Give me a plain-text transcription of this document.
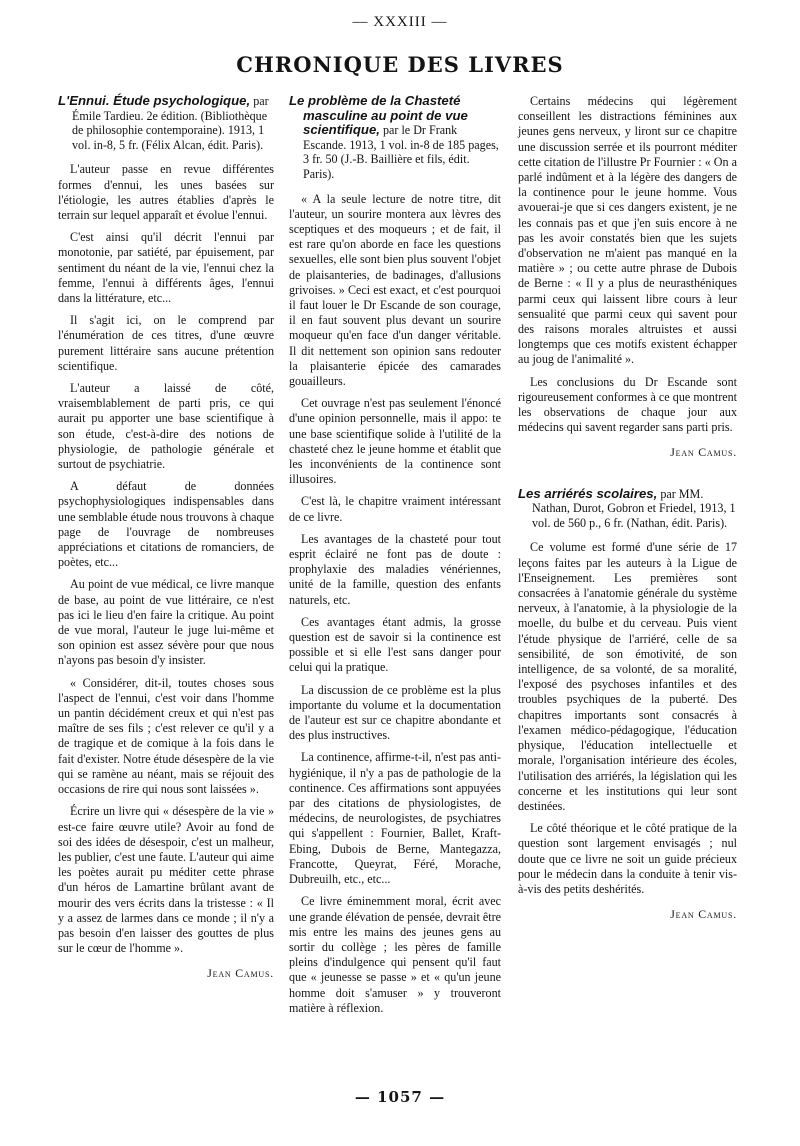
— XXXIII —
CHRONIQUE DES LIVRES
L'Ennui. Étude psychologique, par Émile Tardieu. 2e édition. (Bibliothèque de philosophie contemporaine). 1913, 1 vol. in-8, 5 fr. (Félix Alcan, édit. Paris).

L'auteur passe en revue différentes formes d'ennui, les unes basées sur l'étiologie, les autres établies d'après le terrain sur lequel apparaît et évolue l'ennui.

C'est ainsi qu'il décrit l'ennui par monotonie, par satiété, par épuisement, par sentiment du néant de la vie, l'ennui chez la femme, l'ennui à différents âges, l'ennui dans la littérature, etc...

Il s'agit ici, on le comprend par l'énumération de ces titres, d'une œuvre purement littéraire sans aucune prétention scientifique.

L'auteur a laissé de côté, vraisemblablement de parti pris, ce qui aurait pu apporter une base scientifique à son étude, c'est-à-dire des notions de physiologie, de pathologie générale et surtout de psychiatrie.

A défaut de données psychophysiologiques indispensables dans une semblable étude nous trouvons à chaque page de l'ouvrage de nombreuses appréciations et citations de romanciers, de poètes, etc...

Au point de vue médical, ce livre manque de base, au point de vue littéraire, ce n'est pas ici le lieu d'en faire la critique. Au point de vue moral, l'auteur le juge lui-même et son opinion est assez sévère pour que nous n'ayons pas besoin d'y insister.

« Considérer, dit-il, toutes choses sous l'aspect de l'ennui, c'est voir dans l'homme un pantin décidément creux et qui n'est pas maître de ses fils ; c'est relever ce qu'il y a de tragique et de comique à la fois dans le fait d'exister. Notre étude désespère de la vie qui se ramène au néant, mais se réjouit des occasions de rire qui nous sont laissées ».

Écrire un livre qui « désespère de la vie » est-ce faire œuvre utile? Avoir au fond de soi des idées de désespoir, c'est un malheur, les publier, c'est une faute. L'auteur qui aime les poètes aurait pu méditer cette phrase d'un héros de Lamartine brûlant avant de mourir des vers écrits dans la tristesse : « Il y a assez de larmes dans ce monde ; il n'y a pas besoin d'en laisser des gouttes de plus sur le cœur de l'homme ».

Jean Camus.
Le problème de la Chasteté masculine au point de vue scientifique, par le Dr Frank Escande. 1913, 1 vol. in-8 de 185 pages, 3 fr. 50 (J.-B. Baillière et fils, édit. Paris).

« A la seule lecture de notre titre, dit l'auteur, un sourire montera aux lèvres des sceptiques et des moqueurs ; et de fait, il est rare qu'on aborde en face les questions sexuelles, elle sont bien plus souvent l'objet de plaisanteries, de badinages, d'allusions grivoises. » Ceci est exact, et c'est pourquoi il faut louer le Dr Escande de son courage, il en faut souvent plus devant un sourire moqueur qu'en face d'un danger véritable. Il dit nettement son opinion sans redouter la plaisanterie épicée des camarades gouailleurs.

Cet ouvrage n'est pas seulement l'énoncé d'une opinion personnelle, mais il appo: te une base scientifique solide à l'utilité de la chasteté chez le jeune homme et établit que les inconvénients de la continence sont illusoires.

C'est là, le chapitre vraiment intéressant de ce livre.

Les avantages de la chasteté pour tout esprit éclairé ne font pas de doute : prophylaxie des maladies vénériennes, unité de la famille, question des enfants naturels, etc.

Ces avantages étant admis, la grosse question est de savoir si la continence est possible et si elle l'est sans danger pour celui qui la pratique.

La discussion de ce problème est la plus importante du volume et la documentation de l'auteur est sur ce chapitre abondante et des plus instructives.

La continence, affirme-t-il, n'est pas anti-hygiénique, il n'y a pas de pathologie de la continence. Ces affirmations sont appuyées par des citations de physiologistes, de médecins, de neurologistes, de psychiatres qui s'appellent : Fournier, Ballet, Kraft-Ebing, Dubois de Berne, Mantegazza, Francotte, Queyrat, Féré, Morache, Dubreuilh, etc., etc...

Ce livre éminemment moral, écrit avec une grande élévation de pensée, devrait être mis entre les mains des jeunes gens au sortir du collège ; les pères de famille pleins d'indulgence qui pensent qu'il faut que « jeunesse se passe » et « qu'un jeune homme doit s'amuser » y trouveront matière à réflexion.

Certains médecins qui légèrement conseillent les distractions féminines aux jeunes gens nerveux, y liront sur ce chapitre une discussion serrée et ils pourront méditer cette citation de l'illustre Pr Fournier : « On a parlé indûment et à la légère des dangers de la continence pour le jeune homme. Vous avouerai-je que si ces dangers existent, je ne les connais pas et que j'en suis encore à ne pas les avoir constatés bien que les sujets d'observation ne m'aient pas manqué en la matière » ; ou cette autre phrase de Dubois de Berne : « Il y a plus de neurasthéniques parmi ceux qui laissent libre cours à leur sensualité que parmi ceux qui savent pour des raisons morales altruistes et aussi longtemps que ces motifs existent échapper au joug de l'animalité ».

Les conclusions du Dr Escande sont rigoureusement conformes à ce que montrent les observations de chaque jour aux médecins qui savent regarder sans parti pris.

Jean Camus.
Les arriérés scolaires, par MM. Nathan, Durot, Gobron et Friedel, 1913, 1 vol. de 560 p., 6 fr. (Nathan, édit. Paris).

Ce volume est formé d'une série de 17 leçons faites par les auteurs à la Ligue de l'Enseignement. Les premières sont consacrées à l'anatomie générale du système nerveux, à l'anatomie, à la physiologie de la moelle, du bulbe et du cerveau. Puis vient l'étude physique de l'arriéré, celle de sa sensibilité, de son émotivité, de son intelligence, de sa volonté, de sa moralité, l'exposé des psychoses infantiles et des troubles psychiques de la puberté. Des chapitres importants sont consacrés à l'examen médico-pédagogique, l'éducation physique, l'éducation intellectuelle et morale, l'organisation intérieure des écoles, l'utilisation des arriérés, la législation qui les concerne et les institutions qui leur sont destinées.

Le côté théorique et le côté pratique de la question sont largement envisagés ; nul doute que ce livre ne soit un guide précieux pour le médecin dans la conduite à tenir vis-à-vis des petits deshérités.

Jean Camus.
— 1057 —
